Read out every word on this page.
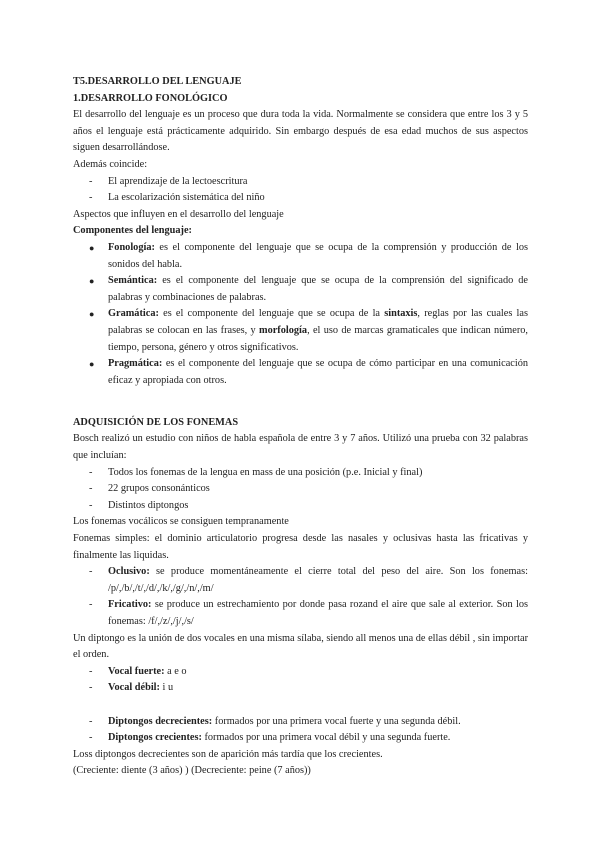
T5.DESARROLLO DEL LENGUAJE

1.DESARROLLO FONOLÓGICO

El desarrollo del lenguaje es un proceso que dura toda la vida. Normalmente se considera que entre los 3 y 5 años el lenguaje está prácticamente adquirido. Sin embargo después de esa edad muchos de sus aspectos siguen desarrollándose.

Además coincide:

- El aprendizaje de la lectoescritura
- La escolarización sistemática del niño

Aspectos que influyen en el desarrollo del lenguaje

Componentes del lenguaje:

● Fonología: es el componente del lenguaje que se ocupa de la comprensión y producción de los sonidos del habla.
● Semántica: es el componente del lenguaje que se ocupa de la comprensión del significado de palabras y combinaciones de palabras.
● Gramática: es el componente del lenguaje que se ocupa de la sintaxis, reglas por las cuales las palabras se colocan en las frases, y morfología, el uso de marcas gramaticales que indican número, tiempo, persona, género y otros significativos.
● Pragmática: es el componente del lenguaje que se ocupa de cómo participar en una comunicación eficaz y apropiada con otros.

ADQUISICIÓN DE LOS FONEMAS

Bosch realizó un estudio con niños de habla española de entre 3 y 7 años. Utilizó una prueba con 32 palabras que incluían:

- Todos los fonemas de la lengua en mass de una posición (p.e. Inicial y final)
- 22 grupos consonánticos
- Distintos diptongos

Los fonemas vocálicos se consiguen tempranamente

Fonemas simples: el dominio articulatorio progresa desde las nasales y oclusivas hasta las fricativas y finalmente las liquidas.

- Oclusivo: se produce momentáneamente el cierre total del peso del aire. Son los fonemas: /p/,/b/,/t/,/d/,/k/,/g/,/n/,/m/
- Fricativo: se produce un estrechamiento por donde pasa rozand el aire que sale al exterior. Son los fonemas: /f/,/z/,/j/,/s/

Un diptongo es la unión de dos vocales en una misma sílaba, siendo all menos una de ellas débil , sin importar el orden.

- Vocal fuerte: a e o
- Vocal débil: i u
- Diptongos decrecientes: formados por una primera vocal fuerte y una segunda débil.
- Diptongos crecientes: formados por una primera vocal débil y una segunda fuerte.

Loss diptongos decrecientes son de aparición más tardía que los crecientes.

(Creciente: diente (3 años) ) (Decreciente: peine (7 años))
